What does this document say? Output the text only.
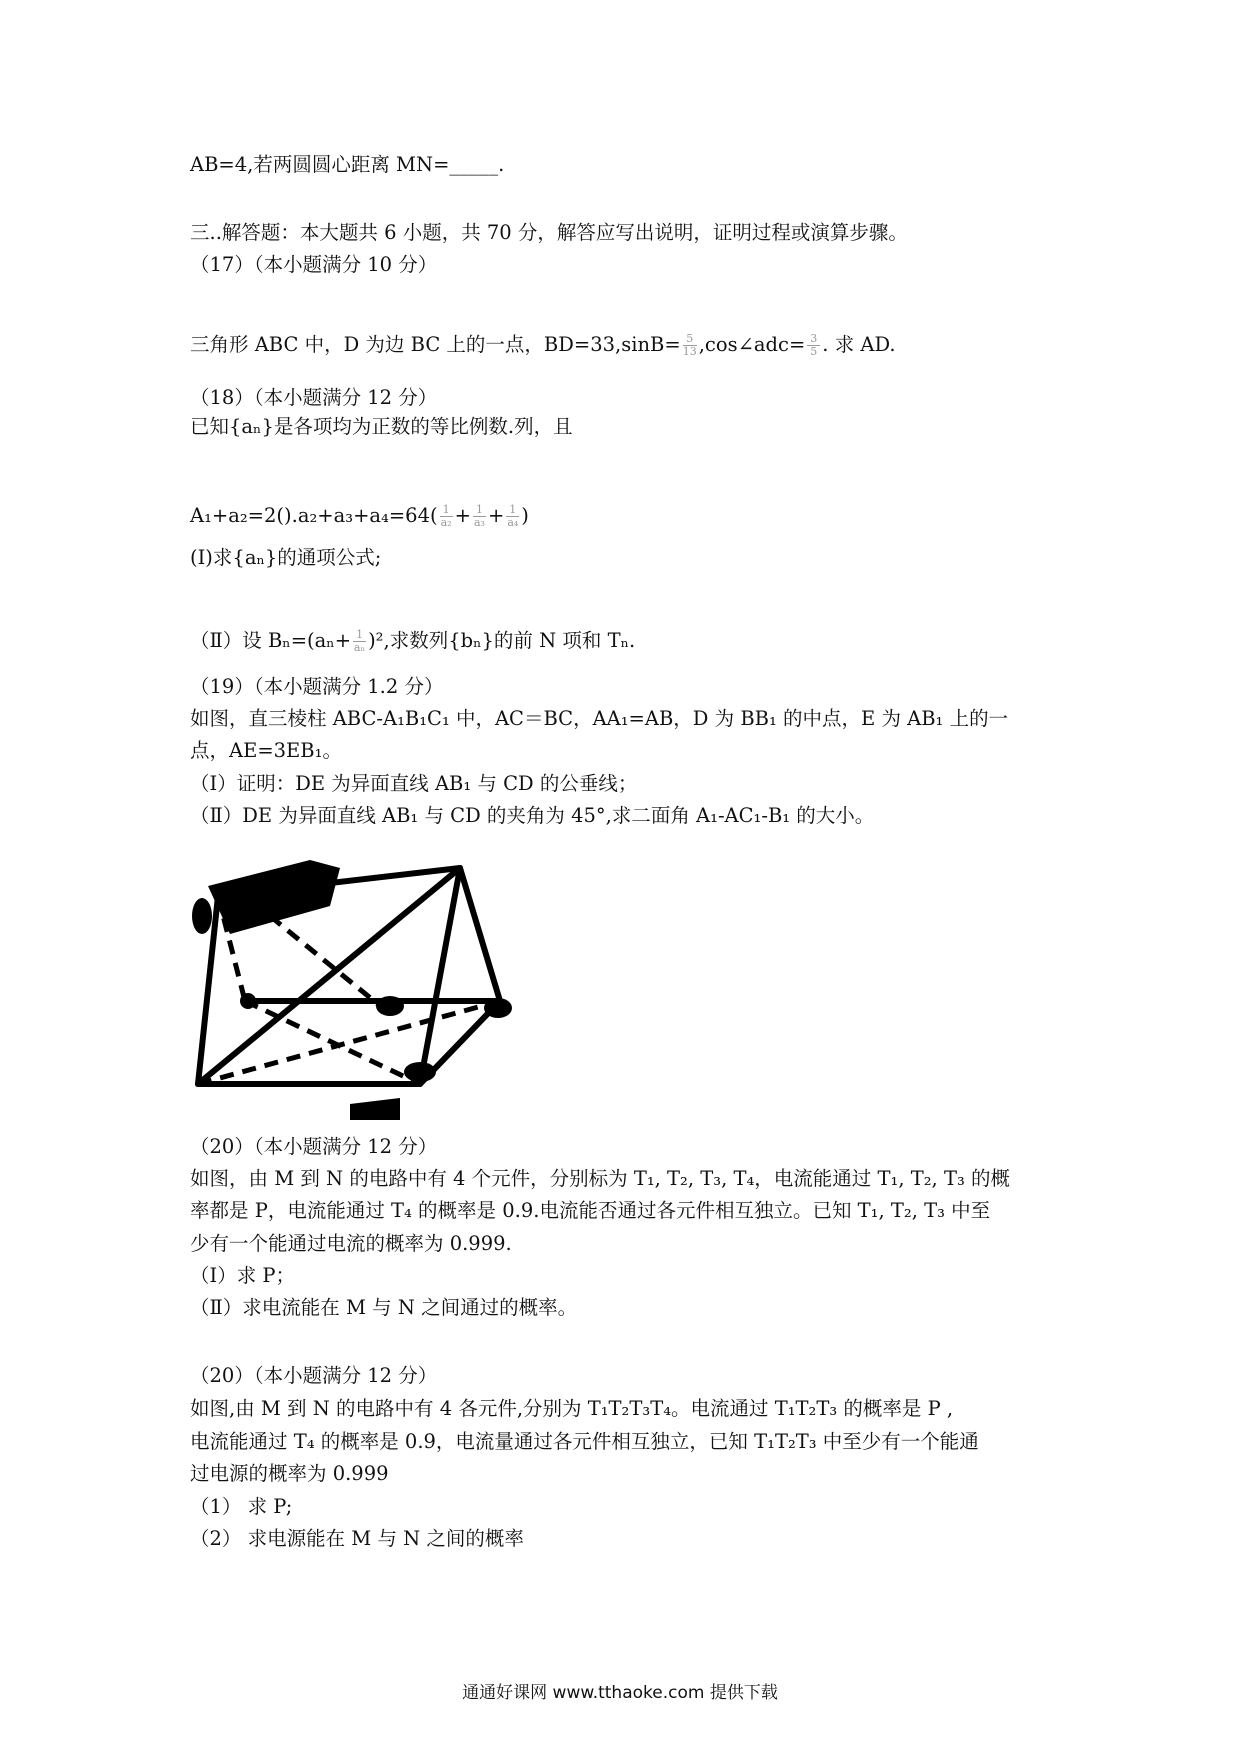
AB=4,若两圆圆心距离 MN=_____.
三..解答题：本大题共 6 小题，共 70 分，解答应写出说明，证明过程或演算步骤。
（17）（本小题满分 10 分）
三角形 ABC 中，D 为边 BC 上的一点，$BD=33,\sin B= \frac{5}{13}$ ,cos∠adc= $\frac{3}{5}$ . 求 AD.
（18）（本小题满分 12 分）
已知{aₙ}是各项均为正数的等比例数.列，且
$A_1+a_2=2().a_2+a_3+a_4=64( \frac{1}{\text{a₂}} + \frac{1}{\text{a₃}} + \frac{1}{\text{a₄}}$ )
(Ⅰ)求{aₙ}的通项公式;
（Ⅱ）设 $B_n=(a_n+ \frac{1}{\text{aₙ}} )^2$,求数列{bₙ}的前 N 项和 Tₙ.
（19）（本小题满分 1.2 分）
如图，直三棱柱 ABC-A₁B₁C₁ 中，AC＝BC，AA₁=AB，D 为 BB₁ 的中点，E 为 AB₁ 上的一
点，AE=3EB₁。
（Ⅰ）证明：DE 为异面直线 AB₁ 与 CD 的公垂线；
（Ⅱ）DE 为异面直线 AB₁ 与 CD 的夹角为 45°,求二面角 A₁-AC₁-B₁ 的大小。
（20）（本小题满分 12 分）
如图，由 M 到 N 的电路中有 4 个元件，分别标为 T₁, T₂, T₃, T₄，电流能通过 T₁, T₂, T₃ 的概
率都是 P，电流能通过 T₄ 的概率是 0.9.电流能否通过各元件相互独立。已知 T₁, T₂, T₃ 中至
少有一个能通过电流的概率为 0.999.
（Ⅰ）求 P；
（Ⅱ）求电流能在 M 与 N 之间通过的概率。
（20）（本小题满分 12 分）
如图,由 M 到 N 的电路中有 4 各元件,分别为 T₁T₂T₃T₄。电流通过 T₁T₂T₃ 的概率是 P ,
电流能通过 T₄ 的概率是 0.9，电流量通过各元件相互独立，已知 T₁T₂T₃ 中至少有一个能通
过电源的概率为 0.999
（1） 求 P;
（2） 求电源能在 M 与 N 之间的概率
通通好课网 www.tthaoke.com 提供下载
